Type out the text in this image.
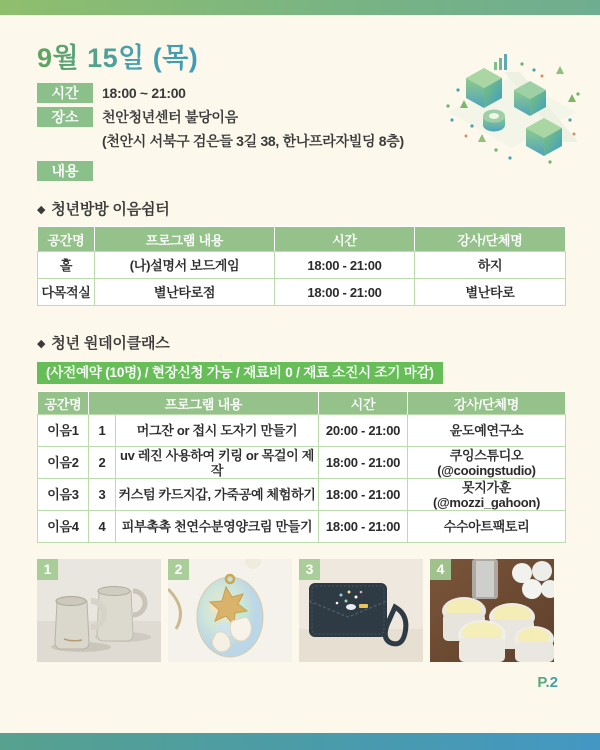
9월 15일 (목)
시간	18:00 ~ 21:00
장소	천안청년센터 불당이음
(천안시 서북구 검은들 3길 38, 한나프라자빌딩 8층)
내용
◆ 청년방방 이음쉼터
공간명	프로그램 내용	시간	강사/단체명
홀	(나)설명서 보드게임	18:00 - 21:00	하지
다목적실	별난타로점	18:00 - 21:00	별난타로
◆ 청년 원데이클래스
(사전예약 (10명) / 현장신청 가능 / 재료비 0 / 재료 소진시 조기 마감)
공간명	프로그램 내용		시간	강사/단체명
이음1	1	머그잔 or 접시 도자기 만들기	20:00 - 21:00	윤도예연구소

이음2	2	uv 레진 사용하여 키링 or 목걸이 제작	18:00 - 21:00	쿠잉스튜디오
(@cooingstudio)

이음3	3	커스텀 카드지갑, 가죽공예 체험하기	18:00 - 21:00	못지가훈
(@mozzi_gahoon)

이음4	4	피부촉촉 천연수분영양크림 만들기	18:00 - 21:00	수수아트팩토리
1	2	3	4
P.2
